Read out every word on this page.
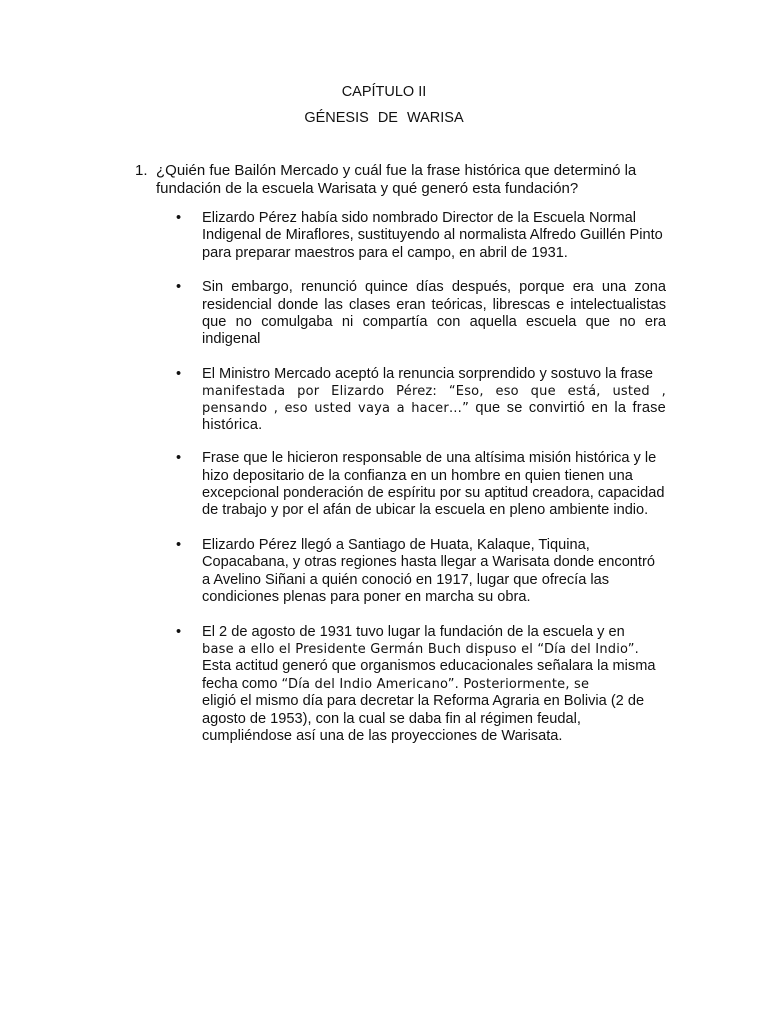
CAPÍTULO II
GÉNESIS DE WARISA
1. ¿Quién fue Bailón Mercado y cuál fue la frase histórica que determinó la fundación de la escuela Warisata y qué generó esta fundación?
• Elizardo Pérez había sido nombrado Director de la Escuela Normal Indigenal de Miraflores, sustituyendo al normalista Alfredo Guillén Pinto para preparar maestros para el campo, en abril de 1931.
• Sin embargo, renunció quince días después, porque era una zona residencial donde las clases eran teóricas, librescas e intelectualistas que no comulgaba ni compartía con aquella escuela que no era indigenal
• El Ministro Mercado aceptó la renuncia sorprendido y sostuvo la frase
manifestada por Elizardo Pérez: “Eso, eso que está, usted , pensando , eso usted vaya a hacer…” que se convirtió en la frase histórica.
• Frase que le hicieron responsable de una altísima misión histórica y le hizo depositario de la confianza en un hombre en quien tienen una excepcional ponderación de espíritu por su aptitud creadora, capacidad de trabajo y por el afán de ubicar la escuela en pleno ambiente indio.
• Elizardo Pérez llegó a Santiago de Huata, Kalaque, Tiquina, Copacabana, y otras regiones hasta llegar a Warisata donde encontró a Avelino Siñani a quién conoció en 1917, lugar que ofrecía las condiciones plenas para poner en marcha su obra.
• El 2 de agosto de 1931 tuvo lugar la fundación de la escuela y en
base a ello el Presidente Germán Buch dispuso el “Día del Indio”.
Esta actitud generó que organismos educacionales señalara la misma fecha como “Día del Indio Americano”. Posteriormente, se
eligió el mismo día para decretar la Reforma Agraria en Bolivia (2 de agosto de 1953), con la cual se daba fin al régimen feudal, cumpliéndose así una de las proyecciones de Warisata.
